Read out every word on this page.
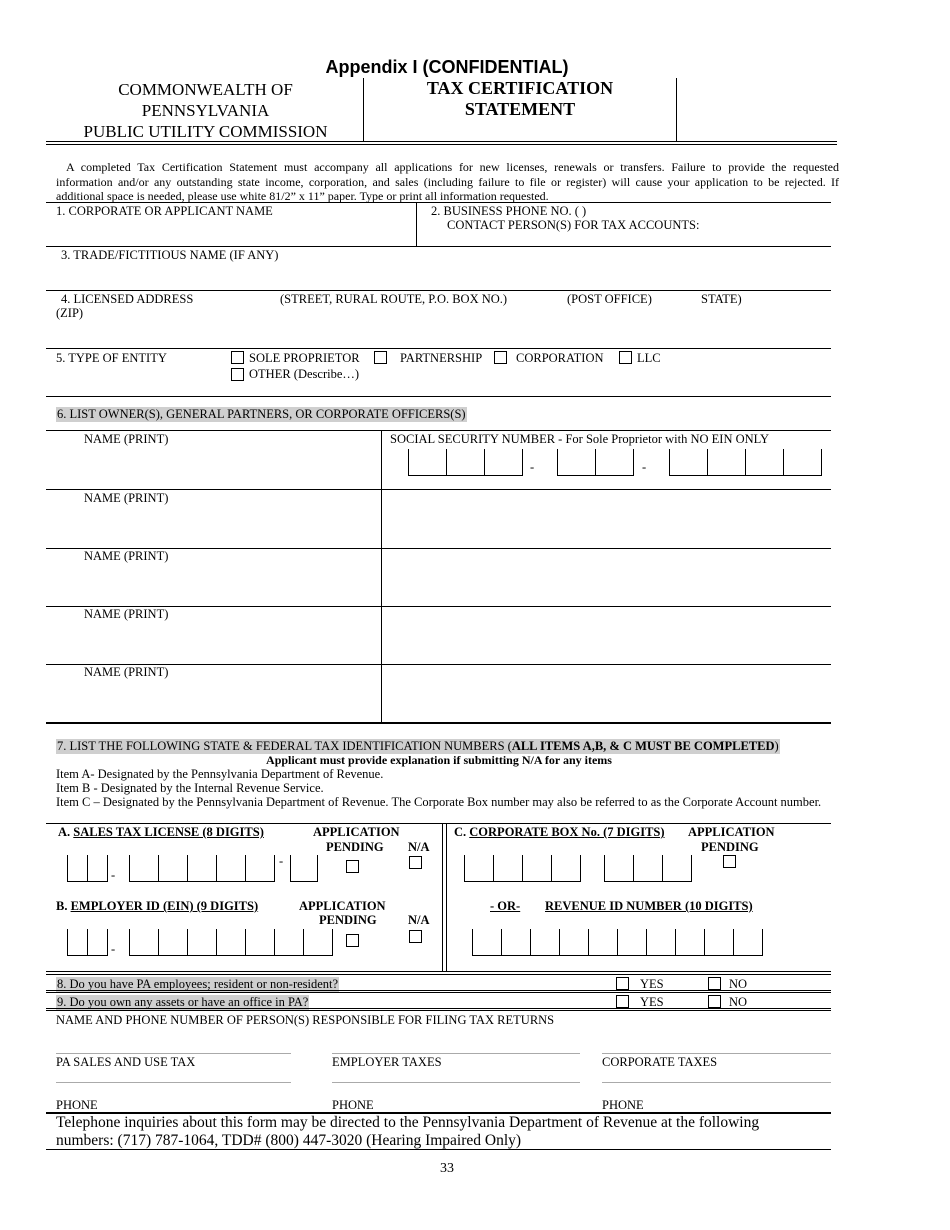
Appendix I (CONFIDENTIAL)
COMMONWEALTH OF
PENNSYLVANIA
PUBLIC UTILITY COMMISSION
TAX CERTIFICATION
STATEMENT
A completed Tax Certification Statement must accompany all applications for new licenses, renewals or transfers. Failure to provide the requested
information and/or any outstanding state income, corporation, and sales (including failure to file or register) will cause your application to be rejected. If
additional space is needed, please use white 81/2” x 11” paper. Type or print all information requested.
1. CORPORATE OR APPLICANT NAME	2. BUSINESS PHONE NO. ( )
CONTACT PERSON(S) FOR TAX ACCOUNTS:
3. TRADE/FICTITIOUS NAME (IF ANY)
4. LICENSED ADDRESS	(STREET, RURAL ROUTE, P.O. BOX NO.)	(POST OFFICE)	STATE)
(ZIP)
5. TYPE OF ENTITY	SOLE PROPRIETOR	PARTNERSHIP	CORPORATION	LLC
OTHER (Describe…)
6. LIST OWNER(S), GENERAL PARTNERS, OR CORPORATE OFFICERS(S)
NAME (PRINT)	SOCIAL SECURITY NUMBER - For Sole Proprietor with NO EIN ONLY
-	-
NAME (PRINT)
NAME (PRINT)
NAME (PRINT)
NAME (PRINT)
7. LIST THE FOLLOWING STATE & FEDERAL TAX IDENTIFICATION NUMBERS (ALL ITEMS A,B, & C MUST BE COMPLETED)
Applicant must provide explanation if submitting N/A for any items
Item A- Designated by the Pennsylvania Department of Revenue.
Item B - Designated by the Internal Revenue Service.
Item C – Designated by the Pennsylvania Department of Revenue. The Corporate Box number may also be referred to as the Corporate Account number.
A. SALES TAX LICENSE (8 DIGITS)	APPLICATION
PENDING N/A
-
-
B. EMPLOYER ID (EIN) (9 DIGITS)	APPLICATION
PENDING	N/A
-
C. CORPORATE BOX No. (7 DIGITS) APPLICATION
PENDING
- OR- REVENUE ID NUMBER (10 DIGITS)
8. Do you have PA employees; resident or non-resident?	YES	NO
9. Do you own any assets or have an office in PA?	YES	NO
NAME AND PHONE NUMBER OF PERSON(S) RESPONSIBLE FOR FILING TAX RETURNS
PA SALES AND USE TAX	EMPLOYER TAXES	CORPORATE TAXES
PHONE	PHONE	PHONE
Telephone inquiries about this form may be directed to the Pennsylvania Department of Revenue at the following
numbers: (717) 787-1064, TDD# (800) 447-3020 (Hearing Impaired Only)
33
